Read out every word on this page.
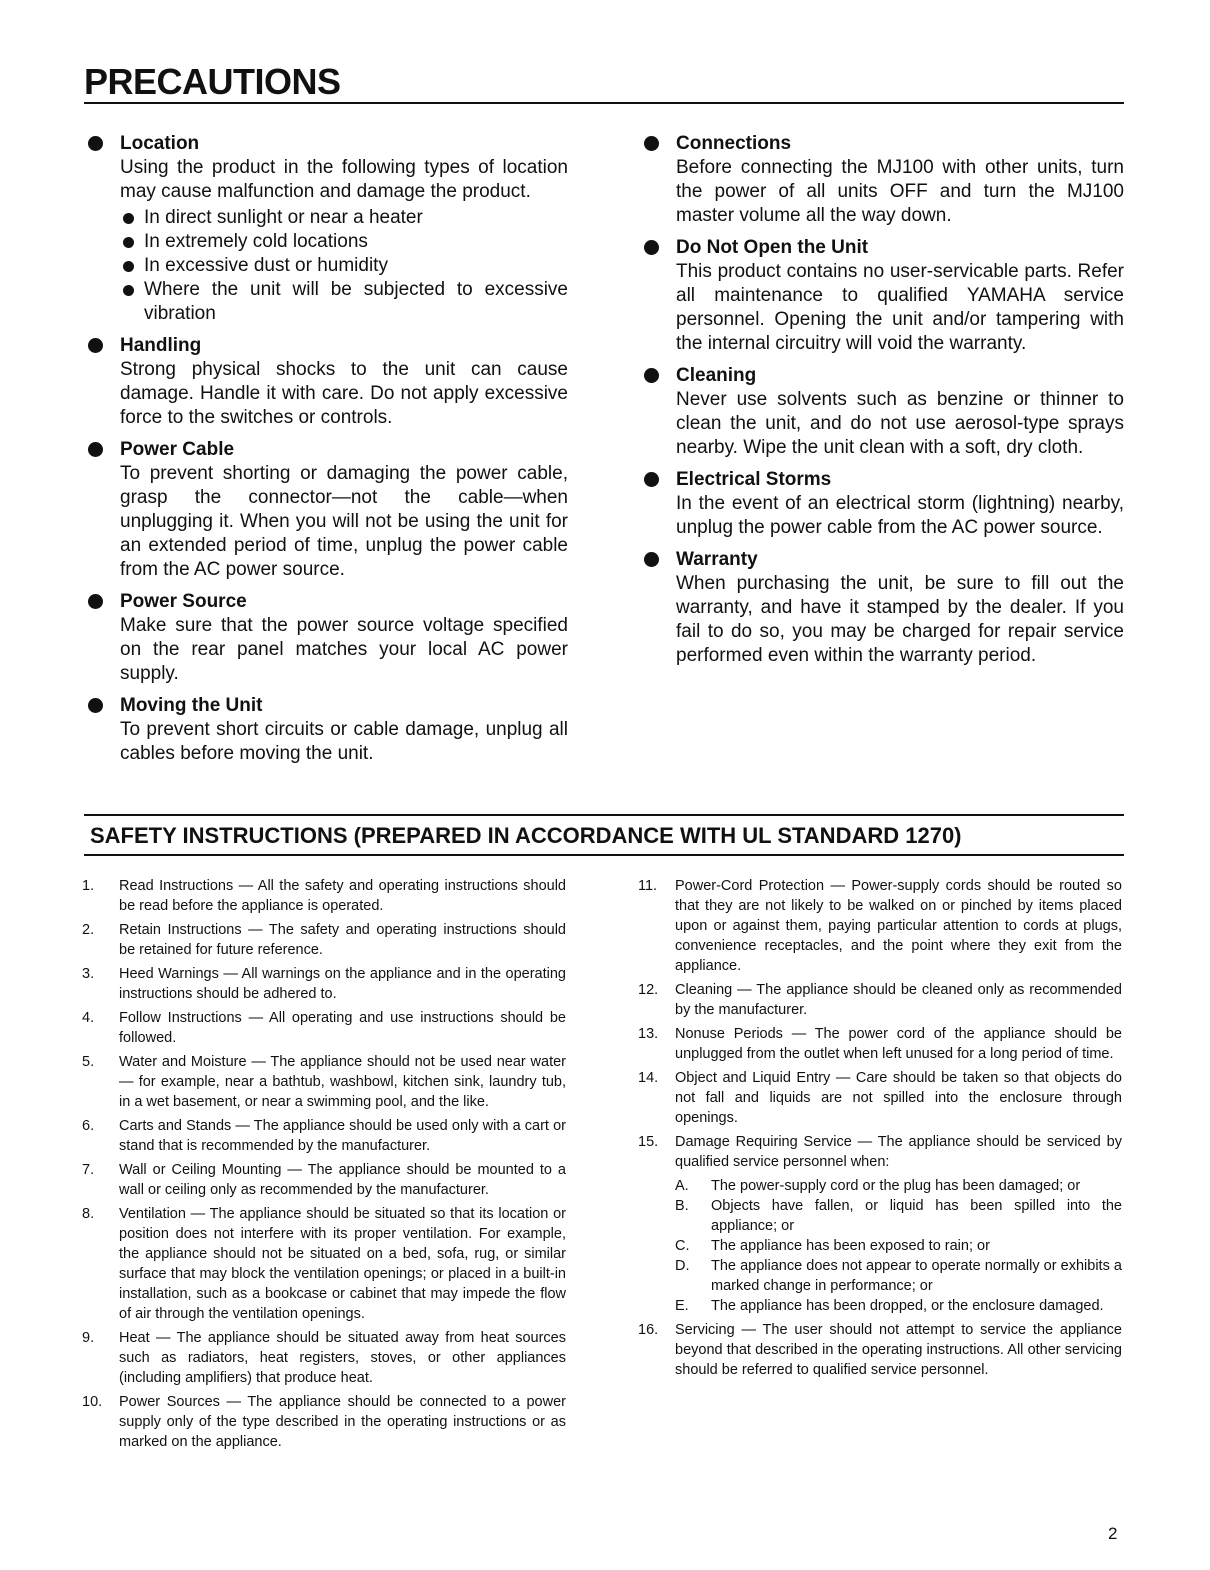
PRECAUTIONS
Location
Using the product in the following types of location may cause malfunction and damage the product.
In direct sunlight or near a heater
In extremely cold locations
In excessive dust or humidity
Where the unit will be subjected to excessive vibration
Handling
Strong physical shocks to the unit can cause damage. Handle it with care. Do not apply excessive force to the switches or controls.
Power Cable
To prevent shorting or damaging the power cable, grasp the connector—not the cable—when unplugging it. When you will not be using the unit for an extended period of time, unplug the power cable from the AC power source.
Power Source
Make sure that the power source voltage specified on the rear panel matches your local AC power supply.
Moving the Unit
To prevent short circuits or cable damage, unplug all cables before moving the unit.
Connections
Before connecting the MJ100 with other units, turn the power of all units OFF and turn the MJ100 master volume all the way down.
Do Not Open the Unit
This product contains no user-servicable parts. Refer all maintenance to qualified YAMAHA service personnel. Opening the unit and/or tampering with the internal circuitry will void the warranty.
Cleaning
Never use solvents such as benzine or thinner to clean the unit, and do not use aerosol-type sprays nearby. Wipe the unit clean with a soft, dry cloth.
Electrical Storms
In the event of an electrical storm (lightning) nearby, unplug the power cable from the AC power source.
Warranty
When purchasing the unit, be sure to fill out the warranty, and have it stamped by the dealer. If you fail to do so, you may be charged for repair service performed even within the warranty period.
SAFETY INSTRUCTIONS (PREPARED IN ACCORDANCE WITH UL STANDARD 1270)
1. Read Instructions — All the safety and operating instructions should be read before the appliance is operated.
2. Retain Instructions — The safety and operating instructions should be retained for future reference.
3. Heed Warnings — All warnings on the appliance and in the operating instructions should be adhered to.
4. Follow Instructions — All operating and use instructions should be followed.
5. Water and Moisture — The appliance should not be used near water — for example, near a bathtub, washbowl, kitchen sink, laundry tub, in a wet basement, or near a swimming pool, and the like.
6. Carts and Stands — The appliance should be used only with a cart or stand that is recommended by the manufacturer.
7. Wall or Ceiling Mounting — The appliance should be mounted to a wall or ceiling only as recommended by the manufacturer.
8. Ventilation — The appliance should be situated so that its location or position does not interfere with its proper ventilation. For example, the appliance should not be situated on a bed, sofa, rug, or similar surface that may block the ventilation openings; or placed in a built-in installation, such as a bookcase or cabinet that may impede the flow of air through the ventilation openings.
9. Heat — The appliance should be situated away from heat sources such as radiators, heat registers, stoves, or other appliances (including amplifiers) that produce heat.
10. Power Sources — The appliance should be connected to a power supply only of the type described in the operating instructions or as marked on the appliance.
11. Power-Cord Protection — Power-supply cords should be routed so that they are not likely to be walked on or pinched by items placed upon or against them, paying particular attention to cords at plugs, convenience receptacles, and the point where they exit from the appliance.
12. Cleaning — The appliance should be cleaned only as recommended by the manufacturer.
13. Nonuse Periods — The power cord of the appliance should be unplugged from the outlet when left unused for a long period of time.
14. Object and Liquid Entry — Care should be taken so that objects do not fall and liquids are not spilled into the enclosure through openings.
15. Damage Requiring Service — The appliance should be serviced by qualified service personnel when:
A. The power-supply cord or the plug has been damaged; or
B. Objects have fallen, or liquid has been spilled into the appliance; or
C. The appliance has been exposed to rain; or
D. The appliance does not appear to operate normally or exhibits a marked change in performance; or
E. The appliance has been dropped, or the enclosure damaged.
16. Servicing — The user should not attempt to service the appliance beyond that described in the operating instructions. All other servicing should be referred to qualified service personnel.
2
